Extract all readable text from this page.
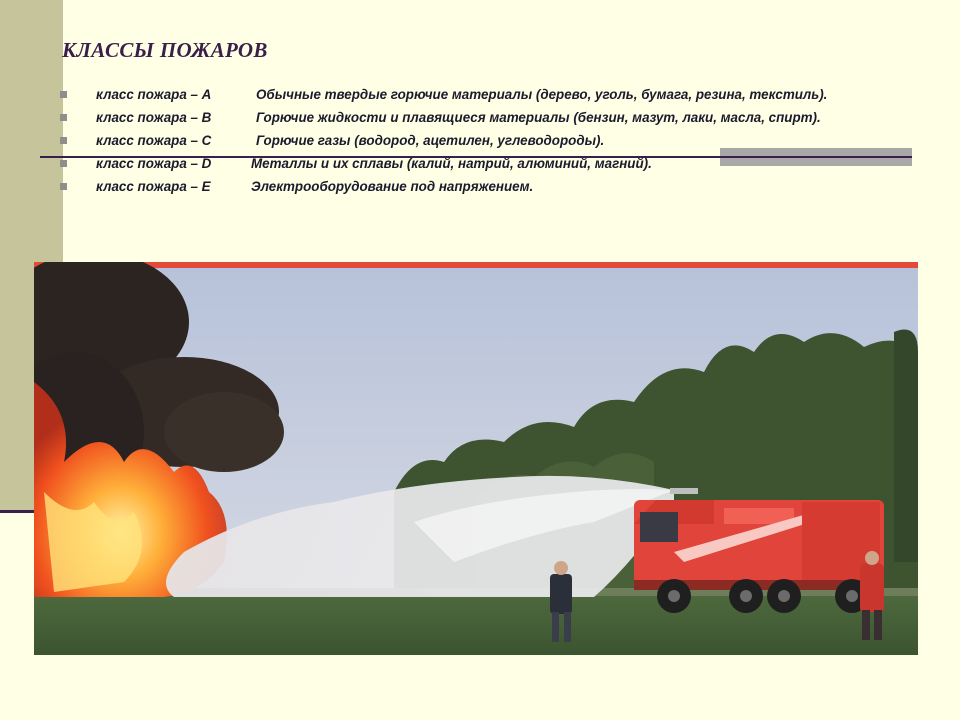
КЛАССЫ ПОЖАРОВ
класс пожара – A	Обычные твердые горючие материалы (дерево, уголь, бумага, резина, текстиль).
класс пожара – B	Горючие жидкости и плавящиеся материалы (бензин, мазут, лаки, масла, спирт).
класс пожара – C	Горючие газы (водород, ацетилен, углеводороды).
класс пожара – D	Металлы и их сплавы (калий, натрий, алюминий, магний).
класс пожара – E	Электрооборудование под напряжением.
